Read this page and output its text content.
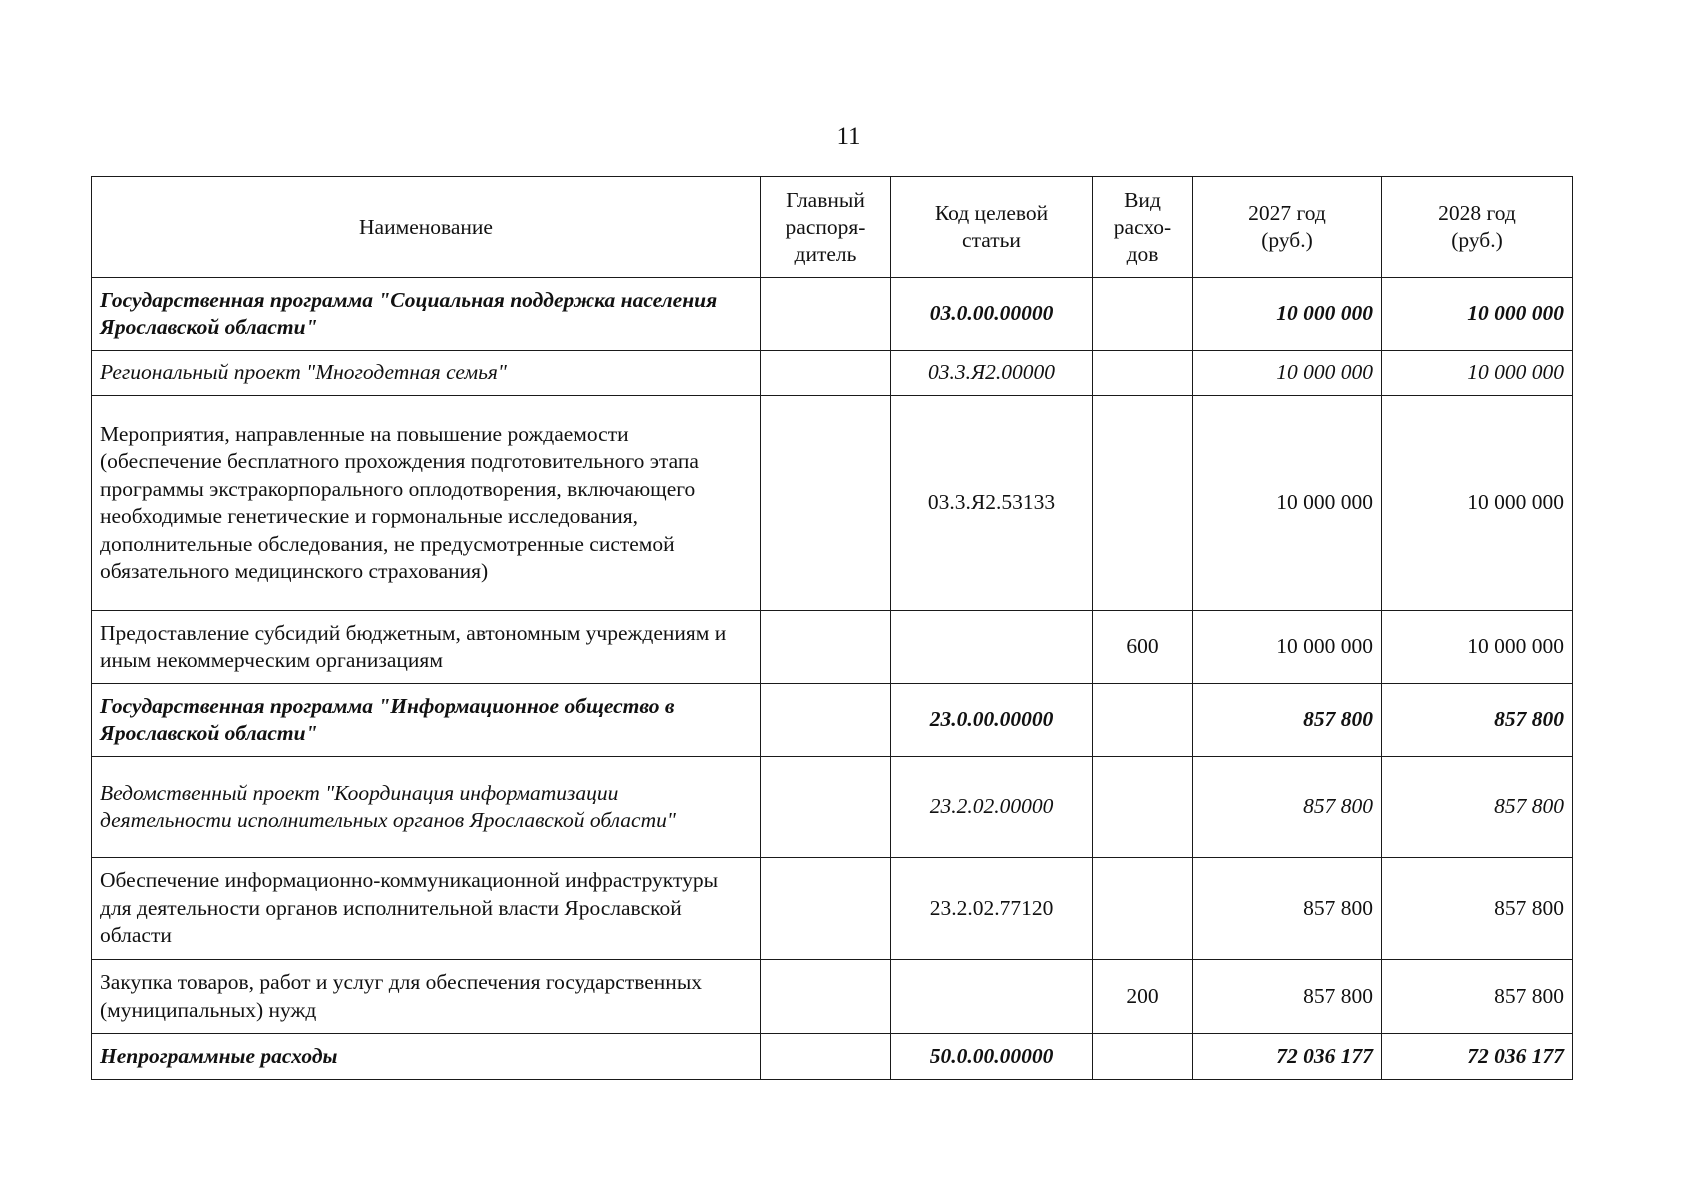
11
Наименование	Главный распоря-дитель	Код целевой статьи	Вид расхо-дов	2027 год (руб.)	2028 год (руб.)
Государственная программа "Социальная поддержка населения Ярославской области"		03.0.00.00000		10 000 000	10 000 000
Региональный проект "Многодетная семья"		03.3.Я2.00000		10 000 000	10 000 000
Мероприятия, направленные на повышение рождаемости (обеспечение бесплатного прохождения подготовительного этапа программы экстракорпорального оплодотворения, включающего необходимые генетические и гормональные исследования, дополнительные обследования, не предусмотренные системой обязательного медицинского страхования)		03.3.Я2.53133		10 000 000	10 000 000
Предоставление субсидий бюджетным, автономным учреждениям и иным некоммерческим организациям			600	10 000 000	10 000 000
Государственная программа "Информационное общество в Ярославской области"		23.0.00.00000		857 800	857 800
Ведомственный проект "Координация информатизации деятельности исполнительных органов Ярославской области"		23.2.02.00000		857 800	857 800
Обеспечение информационно-коммуникационной инфраструктуры для деятельности органов исполнительной власти Ярославской области		23.2.02.77120		857 800	857 800
Закупка товаров, работ и услуг для обеспечения государственных (муниципальных) нужд			200	857 800	857 800
Непрограммные расходы		50.0.00.00000		72 036 177	72 036 177
